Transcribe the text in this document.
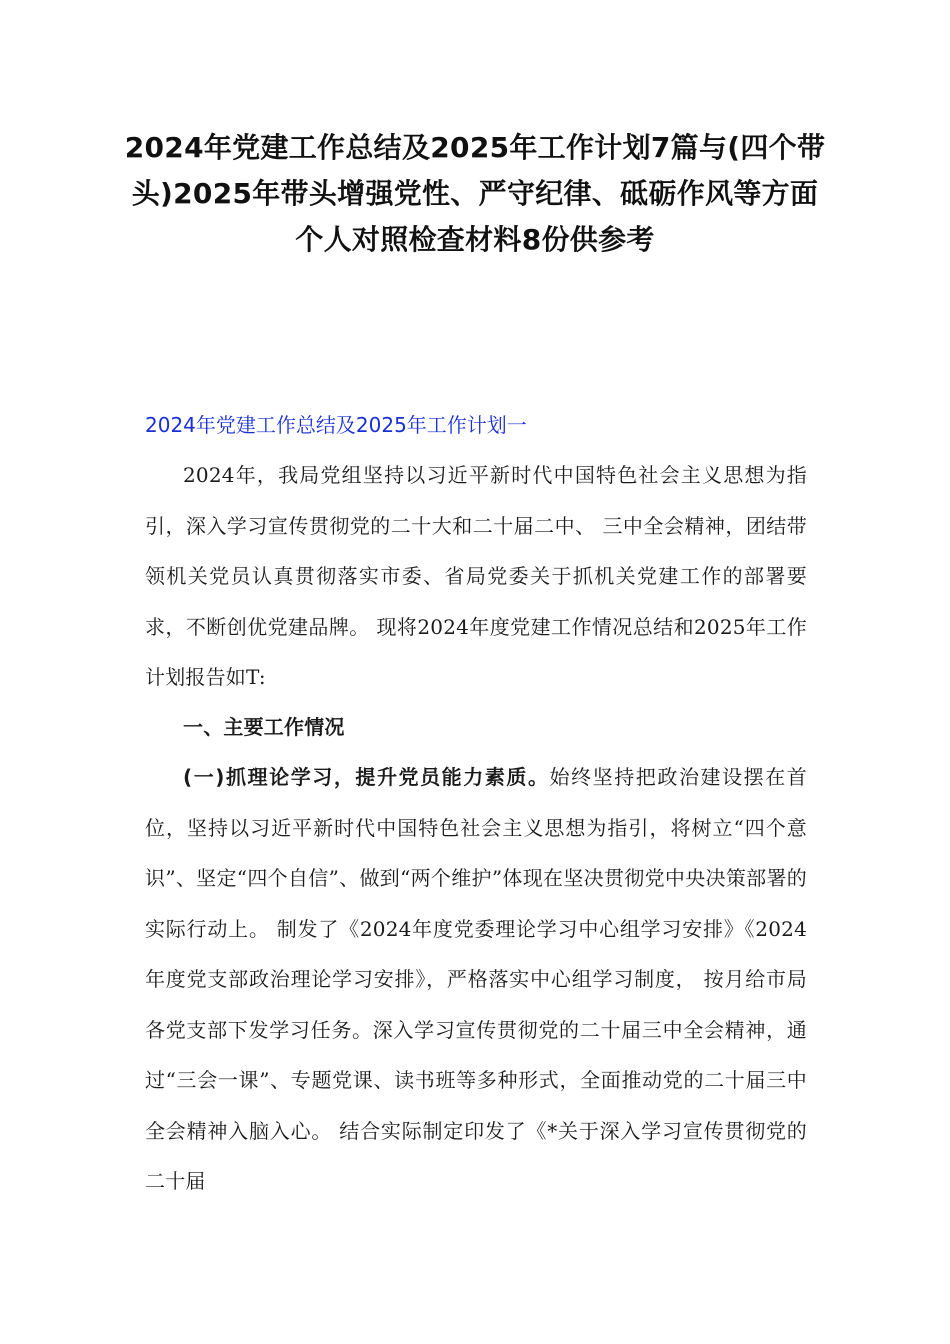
2024年党建工作总结及2025年工作计划7篇与(四个带头)2025年带头增强党性、严守纪律、砥砺作风等方面个人对照检查材料8份供参考
2024年党建工作总结及2025年工作计划一

2024年，我局党组坚持以习近平新时代中国特色社会主义思想为指引，深入学习宣传贯彻党的二十大和二十届二中、 三中全会精神，团结带领机关党员认真贯彻落实市委、省局党委关于抓机关党建工作的部署要求，不断创优党建品牌。 现将2024年度党建工作情况总结和2025年工作计划报告如T:

一、主要工作情况

(一)抓理论学习，提升党员能力素质。始终坚持把政治建设摆在首位，坚持以习近平新时代中国特色社会主义思想为指引，将树立“四个意识”、坚定“四个自信”、做到“两个维护”体现在坚决贯彻党中央决策部署的实际行动上。 制发了《2024年度党委理论学习中心组学习安排》《2024 年度党支部政治理论学习安排》，严格落实中心组学习制度， 按月给市局各党支部下发学习任务。深入学习宣传贯彻党的二十届三中全会精神，通过“三会一课”、专题党课、读书班等多种形式，全面推动党的二十届三中全会精神入脑入心。 结合实际制定印发了《*关于深入学习宣传贯彻党的二十届
